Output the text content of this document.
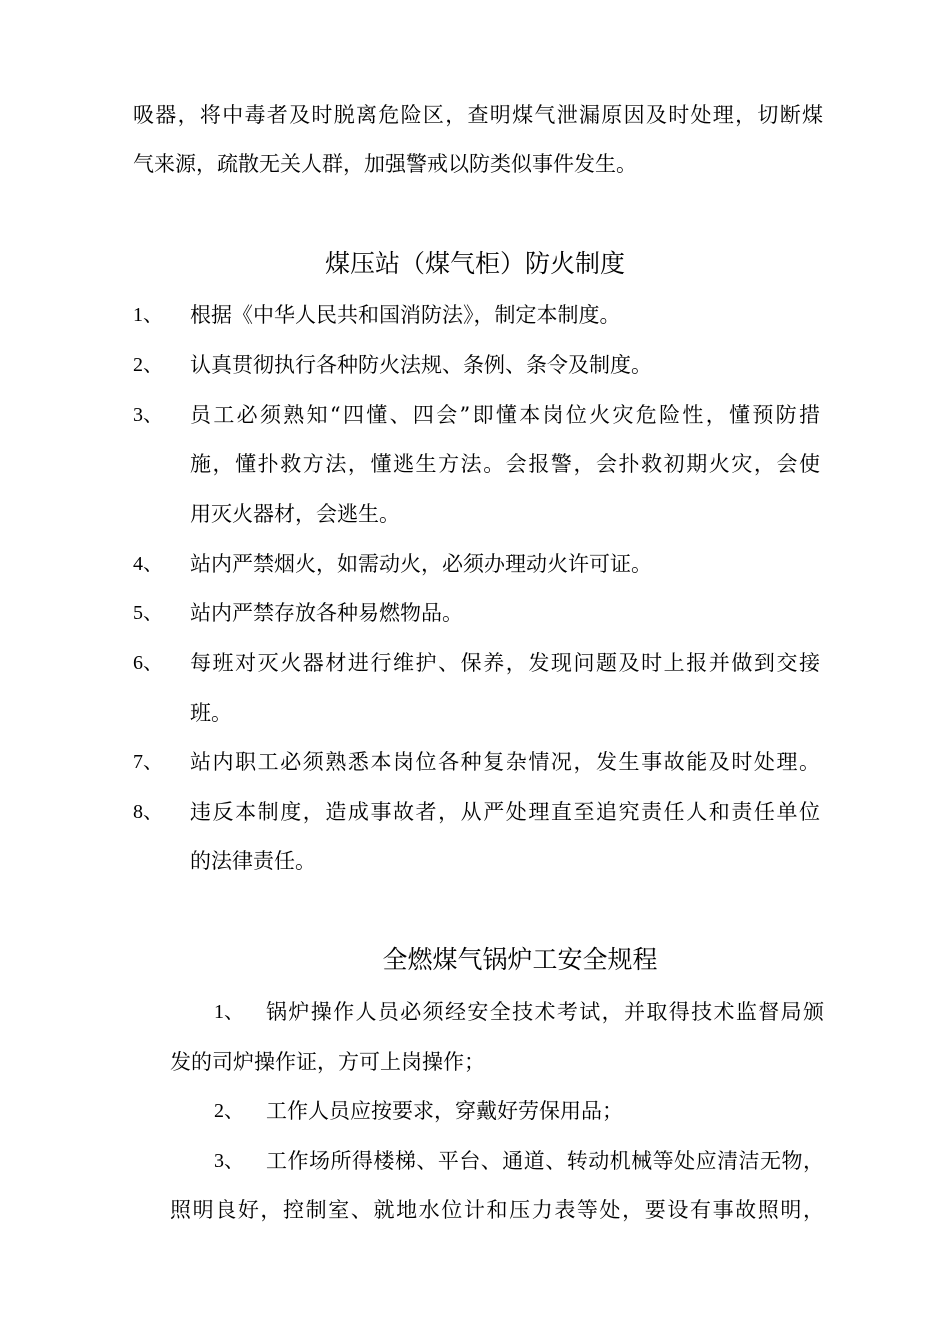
吸器，将中毒者及时脱离危险区，查明煤气泄漏原因及时处理，切断煤
气来源，疏散无关人群，加强警戒以防类似事件发生。
煤压站（煤气柜）防火制度
1、 根据《中华人民共和国消防法》，制定本制度。
2、 认真贯彻执行各种防火法规、条例、条令及制度。
3、 员工必须熟知“四懂、四会”即懂本岗位火灾危险性，懂预防措
施，懂扑救方法，懂逃生方法。会报警，会扑救初期火灾，会使
用灭火器材，会逃生。
4、 站内严禁烟火，如需动火，必须办理动火许可证。
5、 站内严禁存放各种易燃物品。
6、 每班对灭火器材进行维护、保养，发现问题及时上报并做到交接
班。
7、 站内职工必须熟悉本岗位各种复杂情况，发生事故能及时处理。
8、 违反本制度，造成事故者，从严处理直至追究责任人和责任单位
的法律责任。
全燃煤气锅炉工安全规程
1、 锅炉操作人员必须经安全技术考试，并取得技术监督局颁
发的司炉操作证，方可上岗操作；
2、 工作人员应按要求，穿戴好劳保用品；
3、 工作场所得楼梯、平台、通道、转动机械等处应清洁无物，
照明良好，控制室、就地水位计和压力表等处，要设有事故照明，
